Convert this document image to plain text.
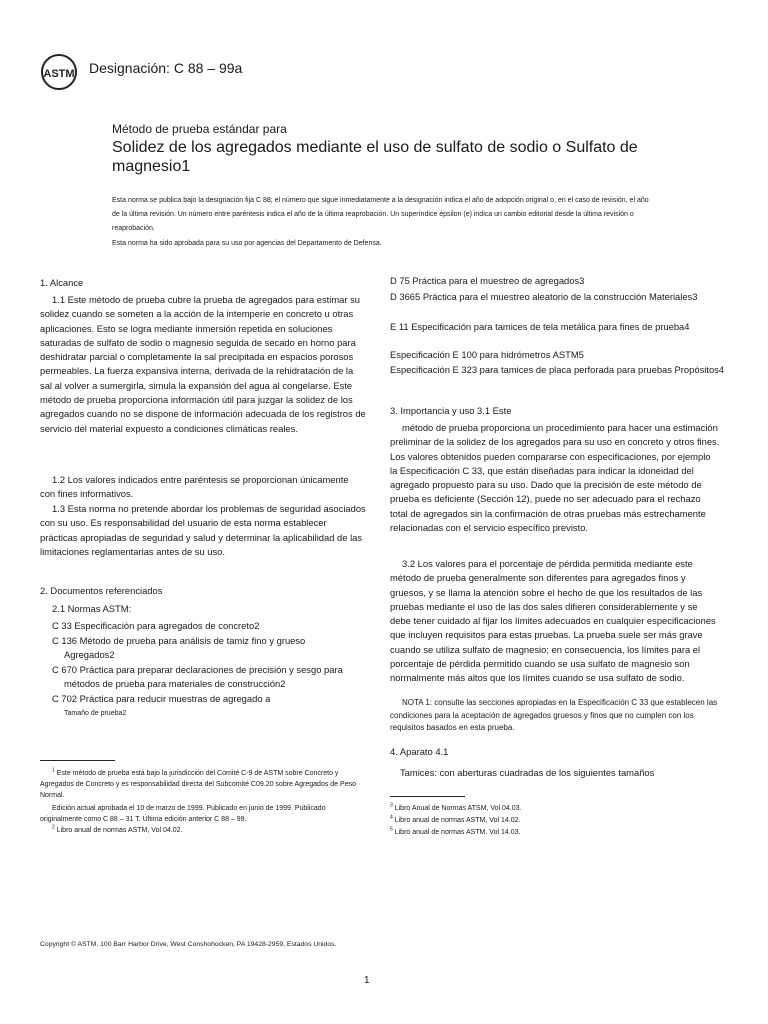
ASTM Designación: C 88 – 99a
Método de prueba estándar para
Solidez de los agregados mediante el uso de sulfato de sodio o Sulfato de magnesio1
Esta norma se publica bajo la designación fija C 88; el número que sigue inmediatamente a la designación indica el año de adopción original o, en el caso de revisión, el año de la última revisión. Un número entre paréntesis indica el año de la última reaprobación. Un superíndice épsilon (e) indica un cambio editorial desde la última revisión o reaprobación.
Esta norma ha sido aprobada para su uso por agencias del Departamento de Defensa.
1. Alcance
1.1 Este método de prueba cubre la prueba de agregados para estimar su solidez cuando se someten a la acción de la intemperie en concreto u otras aplicaciones. Esto se logra mediante inmersión repetida en soluciones saturadas de sulfato de sodio o magnesio seguida de secado en horno para deshidratar parcial o completamente la sal precipitada en espacios porosos permeables. La fuerza expansiva interna, derivada de la rehidratación de la sal al volver a sumergirla, simula la expansión del agua al congelarse. Este método de prueba proporciona información útil para juzgar la solidez de los agregados cuando no se dispone de información adecuada de los registros de servicio del material expuesto a condiciones climáticas reales.
1.2 Los valores indicados entre paréntesis se proporcionan únicamente con fines informativos.
1.3 Esta norma no pretende abordar los problemas de seguridad asociados con su uso. Es responsabilidad del usuario de esta norma establecer prácticas apropiadas de seguridad y salud y determinar la aplicabilidad de las limitaciones reglamentarias antes de su uso.
2. Documentos referenciados
2.1 Normas ASTM:
C 33 Especificación para agregados de concreto2
C 136 Método de prueba para análisis de tamiz fino y grueso Agregados2
C 670 Práctica para preparar declaraciones de precisión y sesgo para métodos de prueba para materiales de construcción2
C 702 Práctica para reducir muestras de agregado a
Tamaño de prueba2
$^1$ Este método de prueba está bajo la jurisdicción del Comité C-9 de ASTM sobre Concreto y Agregados de Concreto y es responsabilidad directa del Subcomité C09.20 sobre Agregados de Peso Normal.
Edición actual aprobada el 10 de marzo de 1999. Publicado en junio de 1999. Publicado originalmente como C 88 – 31 T. Última edición anterior C 88 – 99.
$^2$ Libro anual de normas ASTM, Vol 04.02.
D 75 Práctica para el muestreo de agregados3
D 3665 Práctica para el muestreo aleatorio de la construcción Materiales3
E 11 Especificación para tamices de tela metálica para fines de prueba4
Especificación E 100 para hidrómetros ASTM5
Especificación E 323 para tamices de placa perforada para pruebas Propósitos4
3. Importancia y uso 3.1 Este
método de prueba proporciona un procedimiento para hacer una estimación preliminar de la solidez de los agregados para su uso en concreto y otros fines. Los valores obtenidos pueden compararse con especificaciones, por ejemplo la Especificación C 33, que están diseñadas para indicar la idoneidad del agregado propuesto para su uso. Dado que la precisión de este método de prueba es deficiente (Sección 12), puede no ser adecuado para el rechazo total de agregados sin la confirmación de otras pruebas más estrechamente relacionadas con el servicio específico previsto.
3.2 Los valores para el porcentaje de pérdida permitida mediante este método de prueba generalmente son diferentes para agregados finos y gruesos, y se llama la atención sobre el hecho de que los resultados de las pruebas mediante el uso de las dos sales difieren considerablemente y se debe tener cuidado al fijar los límites adecuados en cualquier especificaciones que incluyen requisitos para estas pruebas. La prueba suele ser más grave cuando se utiliza sulfato de magnesio; en consecuencia, los límites para el porcentaje de pérdida permitido cuando se usa sulfato de magnesio son normalmente más altos que los límites cuando se usa sulfato de sodio.
NOTA 1: consulte las secciones apropiadas en la Especificación C 33 que establecen las condiciones para la aceptación de agregados gruesos y finos que no cumplen con los requisitos basados en esta prueba.
4. Aparato 4.1
Tamices: con aberturas cuadradas de los siguientes tamaños
$^3$ Libro Anual de Normas ATSM, Vol 04.03.
$^4$ Libro anual de normas ASTM, Vol 14.02.
$^5$ Libro anual de normas ASTM, Vol 14.03.
Copyright © ASTM, 100 Barr Harbor Drive, West Conshohocken, PA 19428-2959, Estados Unidos.
1
